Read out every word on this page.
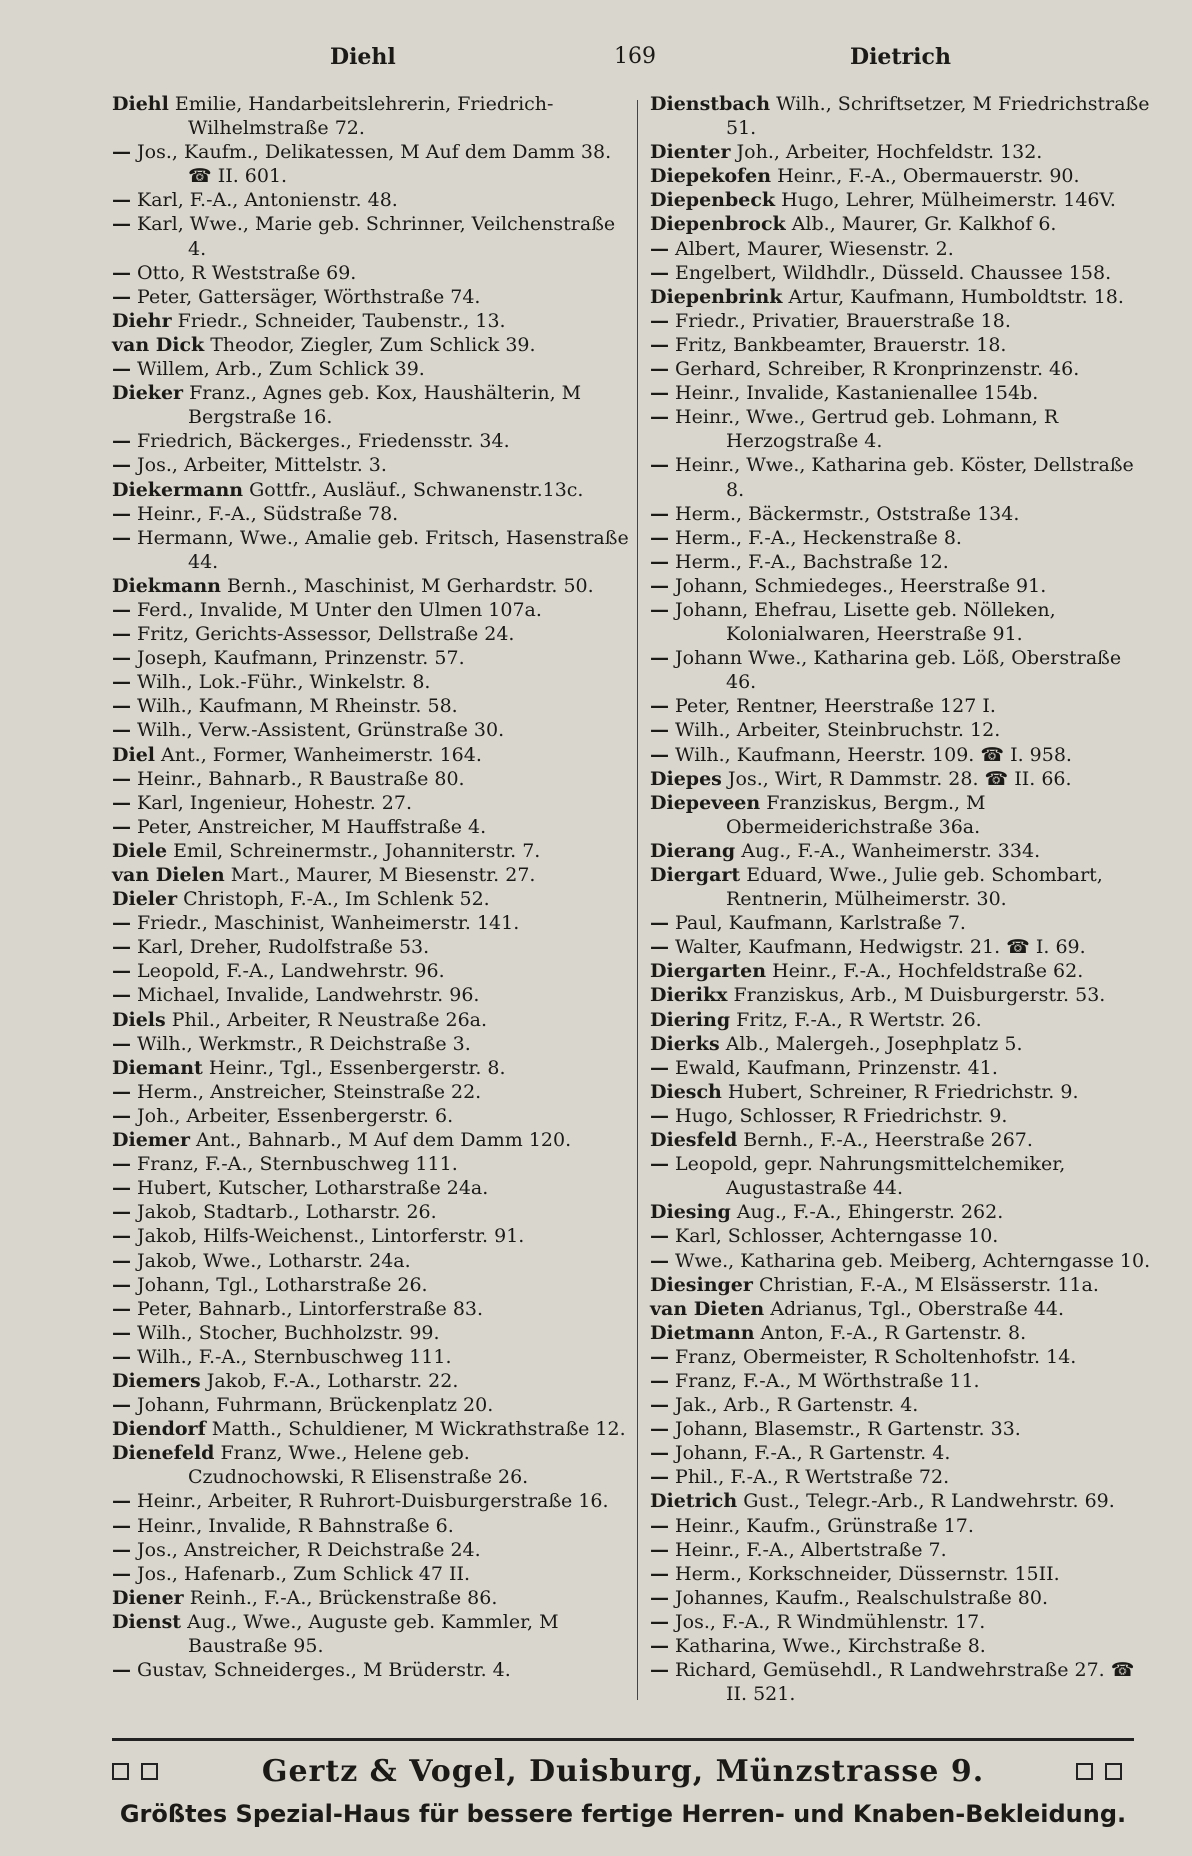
Diehl	169	Dietrich
Diehl Emilie, Handarbeitslehrerin, Friedrich-Wilhelmstraße 72.
— Jos., Kaufm., Delikatessen, M Auf dem Damm 38. ☎ II. 601.
— Karl, F.-A., Antonienstr. 48.
— Karl, Wwe., Marie geb. Schrinner, Veilchenstraße 4.
— Otto, R Weststraße 69.
— Peter, Gattersäger, Wörthstraße 74.
Diehr Friedr., Schneider, Taubenstr., 13.
van Dick Theodor, Ziegler, Zum Schlick 39.
— Willem, Arb., Zum Schlick 39.
Dieker Franz., Agnes geb. Kox, Haushälterin, M Bergstraße 16.
— Friedrich, Bäckerges., Friedensstr. 34.
— Jos., Arbeiter, Mittelstr. 3.
Diekermann Gottfr., Ausläuf., Schwanenstr.13c.
— Heinr., F.-A., Südstraße 78.
— Hermann, Wwe., Amalie geb. Fritsch, Hasenstraße 44.
Diekmann Bernh., Maschinist, M Gerhardstr. 50.
— Ferd., Invalide, M Unter den Ulmen 107a.
— Fritz, Gerichts-Assessor, Dellstraße 24.
— Joseph, Kaufmann, Prinzenstr. 57.
— Wilh., Lok.-Führ., Winkelstr. 8.
— Wilh., Kaufmann, M Rheinstr. 58.
— Wilh., Verw.-Assistent, Grünstraße 30.
Diel Ant., Former, Wanheimerstr. 164.
— Heinr., Bahnarb., R Baustraße 80.
— Karl, Ingenieur, Hohestr. 27.
— Peter, Anstreicher, M Hauffstraße 4.
Diele Emil, Schreinermstr., Johanniterstr. 7.
van Dielen Mart., Maurer, M Biesenstr. 27.
Dieler Christoph, F.-A., Im Schlenk 52.
— Friedr., Maschinist, Wanheimerstr. 141.
— Karl, Dreher, Rudolfstraße 53.
— Leopold, F.-A., Landwehrstr. 96.
— Michael, Invalide, Landwehrstr. 96.
Diels Phil., Arbeiter, R Neustraße 26a.
— Wilh., Werkmstr., R Deichstraße 3.
Diemant Heinr., Tgl., Essenbergerstr. 8.
— Herm., Anstreicher, Steinstraße 22.
— Joh., Arbeiter, Essenbergerstr. 6.
Diemer Ant., Bahnarb., M Auf dem Damm 120.
— Franz, F.-A., Sternbuschweg 111.
— Hubert, Kutscher, Lotharstraße 24a.
— Jakob, Stadtarb., Lotharstr. 26.
— Jakob, Hilfs-Weichenst., Lintorferstr. 91.
— Jakob, Wwe., Lotharstr. 24a.
— Johann, Tgl., Lotharstraße 26.
— Peter, Bahnarb., Lintorferstraße 83.
— Wilh., Stocher, Buchholzstr. 99.
— Wilh., F.-A., Sternbuschweg 111.
Diemers Jakob, F.-A., Lotharstr. 22.
— Johann, Fuhrmann, Brückenplatz 20.
Diendorf Matth., Schuldiener, M Wickrathstraße 12.
Dienefeld Franz, Wwe., Helene geb. Czudnochowski, R Elisenstraße 26.
— Heinr., Arbeiter, R Ruhrort-Duisburgerstraße 16.
— Heinr., Invalide, R Bahnstraße 6.
— Jos., Anstreicher, R Deichstraße 24.
— Jos., Hafenarb., Zum Schlick 47 II.
Diener Reinh., F.-A., Brückenstraße 86.
Dienst Aug., Wwe., Auguste geb. Kammler, M Baustraße 95.
— Gustav, Schneiderges., M Brüderstr. 4.
Dienstbach Wilh., Schriftsetzer, M Friedrichstraße 51.
Dienter Joh., Arbeiter, Hochfeldstr. 132.
Diepekofen Heinr., F.-A., Obermauerstr. 90.
Diepenbeck Hugo, Lehrer, Mülheimerstr. 146V.
Diepenbrock Alb., Maurer, Gr. Kalkhof 6.
— Albert, Maurer, Wiesenstr. 2.
— Engelbert, Wildhdlr., Düsseld. Chaussee 158.
Diepenbrink Artur, Kaufmann, Humboldtstr. 18.
— Friedr., Privatier, Brauerstraße 18.
— Fritz, Bankbeamter, Brauerstr. 18.
— Gerhard, Schreiber, R Kronprinzenstr. 46.
— Heinr., Invalide, Kastanienallee 154b.
— Heinr., Wwe., Gertrud geb. Lohmann, R Herzogstraße 4.
— Heinr., Wwe., Katharina geb. Köster, Dellstraße 8.
— Herm., Bäckermstr., Oststraße 134.
— Herm., F.-A., Heckenstraße 8.
— Herm., F.-A., Bachstraße 12.
— Johann, Schmiedeges., Heerstraße 91.
— Johann, Ehefrau, Lisette geb. Nölleken, Kolonialwaren, Heerstraße 91.
— Johann Wwe., Katharina geb. Löß, Oberstraße 46.
— Peter, Rentner, Heerstraße 127 I.
— Wilh., Arbeiter, Steinbruchstr. 12.
— Wilh., Kaufmann, Heerstr. 109. ☎ I. 958.
Diepes Jos., Wirt, R Dammstr. 28. ☎ II. 66.
Diepeveen Franziskus, Bergm., M Obermeiderichstraße 36a.
Dierang Aug., F.-A., Wanheimerstr. 334.
Diergart Eduard, Wwe., Julie geb. Schombart, Rentnerin, Mülheimerstr. 30.
— Paul, Kaufmann, Karlstraße 7.
— Walter, Kaufmann, Hedwigstr. 21. ☎ I. 69.
Diergarten Heinr., F.-A., Hochfeldstraße 62.
Dierikx Franziskus, Arb., M Duisburgerstr. 53.
Diering Fritz, F.-A., R Wertstr. 26.
Dierks Alb., Malergeh., Josephplatz 5.
— Ewald, Kaufmann, Prinzenstr. 41.
Diesch Hubert, Schreiner, R Friedrichstr. 9.
— Hugo, Schlosser, R Friedrichstr. 9.
Diesfeld Bernh., F.-A., Heerstraße 267.
— Leopold, gepr. Nahrungsmittelchemiker, Augustastraße 44.
Diesing Aug., F.-A., Ehingerstr. 262.
— Karl, Schlosser, Achterngasse 10.
— Wwe., Katharina geb. Meiberg, Achterngasse 10.
Diesinger Christian, F.-A., M Elsässerstr. 11a.
van Dieten Adrianus, Tgl., Oberstraße 44.
Dietmann Anton, F.-A., R Gartenstr. 8.
— Franz, Obermeister, R Scholtenhofstr. 14.
— Franz, F.-A., M Wörthstraße 11.
— Jak., Arb., R Gartenstr. 4.
— Johann, Blasemstr., R Gartenstr. 33.
— Johann, F.-A., R Gartenstr. 4.
— Phil., F.-A., R Wertstraße 72.
Dietrich Gust., Telegr.-Arb., R Landwehrstr. 69.
— Heinr., Kaufm., Grünstraße 17.
— Heinr., F.-A., Albertstraße 7.
— Herm., Korkschneider, Düssernstr. 15II.
— Johannes, Kaufm., Realschulstraße 80.
— Jos., F.-A., R Windmühlenstr. 17.
— Katharina, Wwe., Kirchstraße 8.
— Richard, Gemüsehdl., R Landwehrstraße 27. ☎ II. 521.
Gertz & Vogel, Duisburg, Münzstrasse 9.
Größtes Spezial-Haus für bessere fertige Herren- und Knaben-Bekleidung.
